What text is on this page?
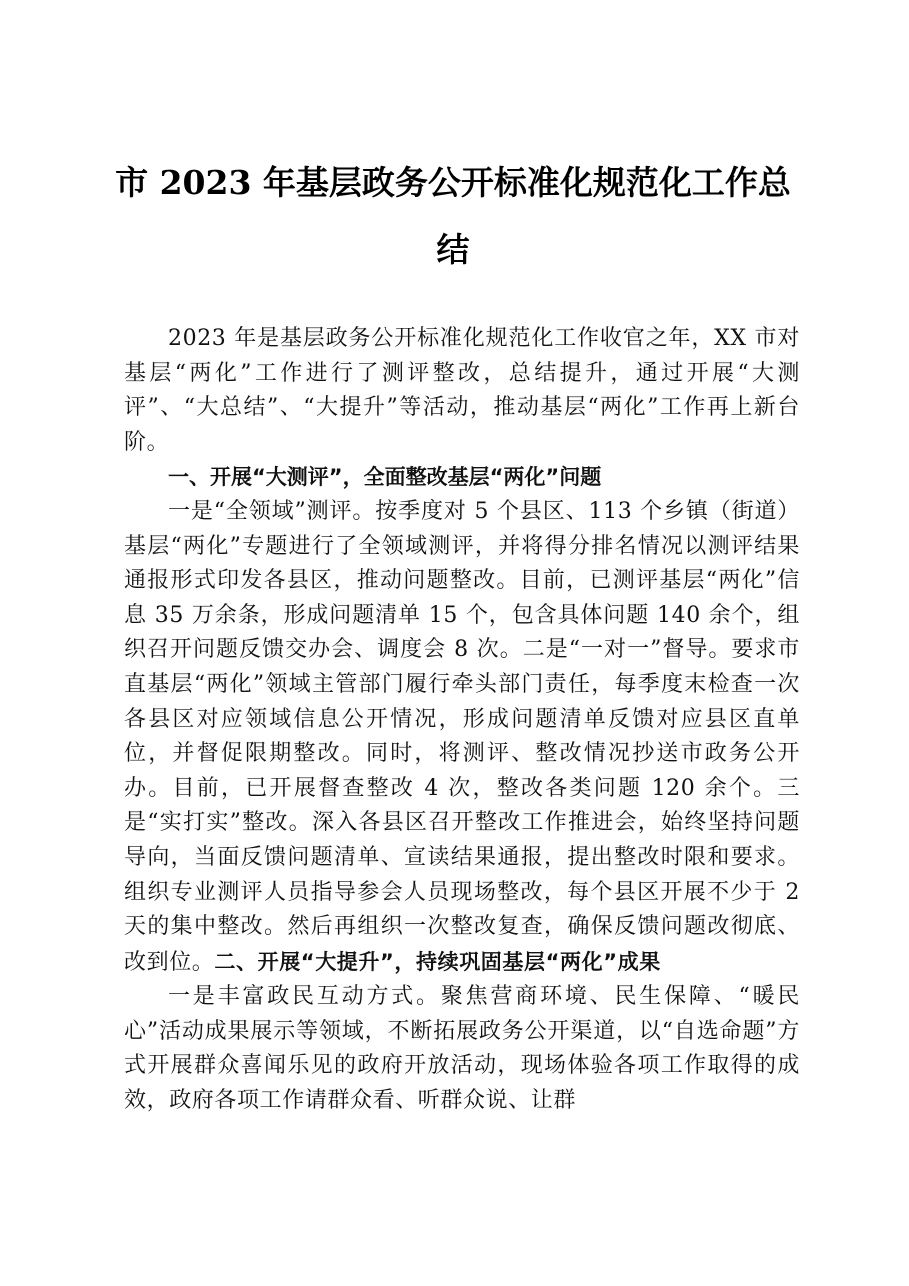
市 2023 年基层政务公开标准化规范化工作总
结

2023 年是基层政务公开标准化规范化工作收官之年，XX 市对基层“两化”工作进行了测评整改，总结提升，通过开展“大测评”、“大总结”、“大提升”等活动，推动基层“两化”工作再上新台阶。

一、开展“大测评”，全面整改基层“两化”问题

一是“全领域”测评。按季度对 5 个县区、113 个乡镇（街道）基层“两化”专题进行了全领域测评，并将得分排名情况以测评结果通报形式印发各县区，推动问题整改。目前，已测评基层“两化”信息 35 万余条，形成问题清单 15 个，包含具体问题 140 余个，组织召开问题反馈交办会、调度会 8 次。二是“一对一”督导。要求市直基层“两化”领域主管部门履行牵头部门责任，每季度末检查一次各县区对应领域信息公开情况，形成问题清单反馈对应县区直单位，并督促限期整改。同时，将测评、整改情况抄送市政务公开办。目前，已开展督查整改 4 次，整改各类问题 120 余个。三是“实打实”整改。深入各县区召开整改工作推进会，始终坚持问题导向，当面反馈问题清单、宣读结果通报，提出整改时限和要求。组织专业测评人员指导参会人员现场整改，每个县区开展不少于 2 天的集中整改。然后再组织一次整改复查，确保反馈问题改彻底、改到位。二、开展“大提升”，持续巩固基层“两化”成果

一是丰富政民互动方式。聚焦营商环境、民生保障、“暖民心”活动成果展示等领域，不断拓展政务公开渠道，以“自选命题”方式开展群众喜闻乐见的政府开放活动，现场体验各项工作取得的成效，政府各项工作请群众看、听群众说、让群
